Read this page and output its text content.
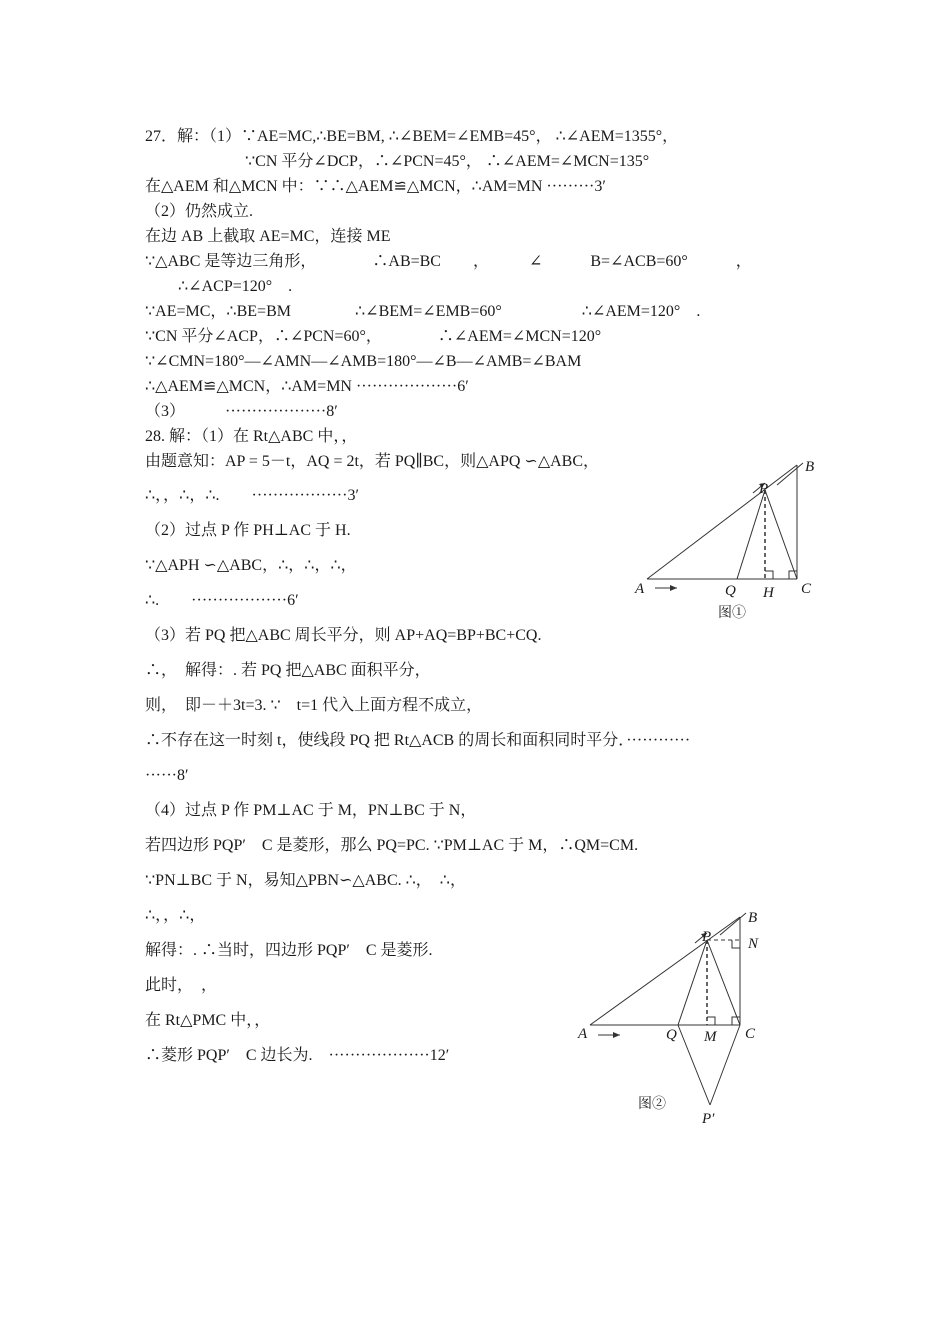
27．解：（1）∵AE=MC,∴BE=BM, ∴∠BEM=∠EMB=45°， ∴∠AEM=1355°，
∵CN 平分∠DCP，∴∠PCN=45°， ∴∠AEM=∠MCN=135°
在△AEM 和△MCN 中：∵∴△AEM≌△MCN，∴AM=MN ·········3′
（2）仍然成立.
在边 AB 上截取 AE=MC，连接 ME
∵△ABC 是等边三角形，　　　　∴AB=BC　　，　　　∠　　　B=∠ACB=60°　　　，
∴∠ACP=120°　.
∵AE=MC，∴BE=BM　　　　∴∠BEM=∠EMB=60°　　　　　∴∠AEM=120°　.
∵CN 平分∠ACP，∴∠PCN=60°，　　　　∴∠AEM=∠MCN=120°
∵∠CMN=180°—∠AMN—∠AMB=180°—∠B—∠AMB=∠BAM
∴△AEM≌△MCN，∴AM=MN ···················6′
（3）　　　···················8′
28. 解：（1）在 Rt△ABC 中，，
由题意知：AP = 5－t，AQ = 2t，若 PQ∥BC，则△APQ ∽△ABC，
∴，，∴，∴.　　··················3′
（2）过点 P 作 PH⊥AC 于 H.
∵△APH ∽△ABC，∴，∴，∴，
∴.　　··················6′
（3）若 PQ 把△ABC 周长平分，则 AP+AQ=BP+BC+CQ.
∴，　解得：. 若 PQ 把△ABC 面积平分，
则，　即－＋3t=3. ∵　t=1 代入上面方程不成立，
∴不存在这一时刻 t，使线段 PQ 把 Rt△ACB 的周长和面积同时平分．············
······8′
（4）过点 P 作 PM⊥AC 于 M，PN⊥BC 于 N，
若四边形 PQP′　C 是菱形，那么 PQ=PC. ∵PM⊥AC 于 M，∴QM=CM.
∵PN⊥BC 于 N，易知△PBN∽△ABC. ∴，　∴，
∴，，∴，
解得：. ∴当时，四边形 PQP′　C 是菱形.
此时，　，
在 Rt△PMC 中，，
∴菱形 PQP′　C 边长为.　···················12′
A
B
C
P
Q H
图①
A
B
C
P N
Q M
P′
图②
